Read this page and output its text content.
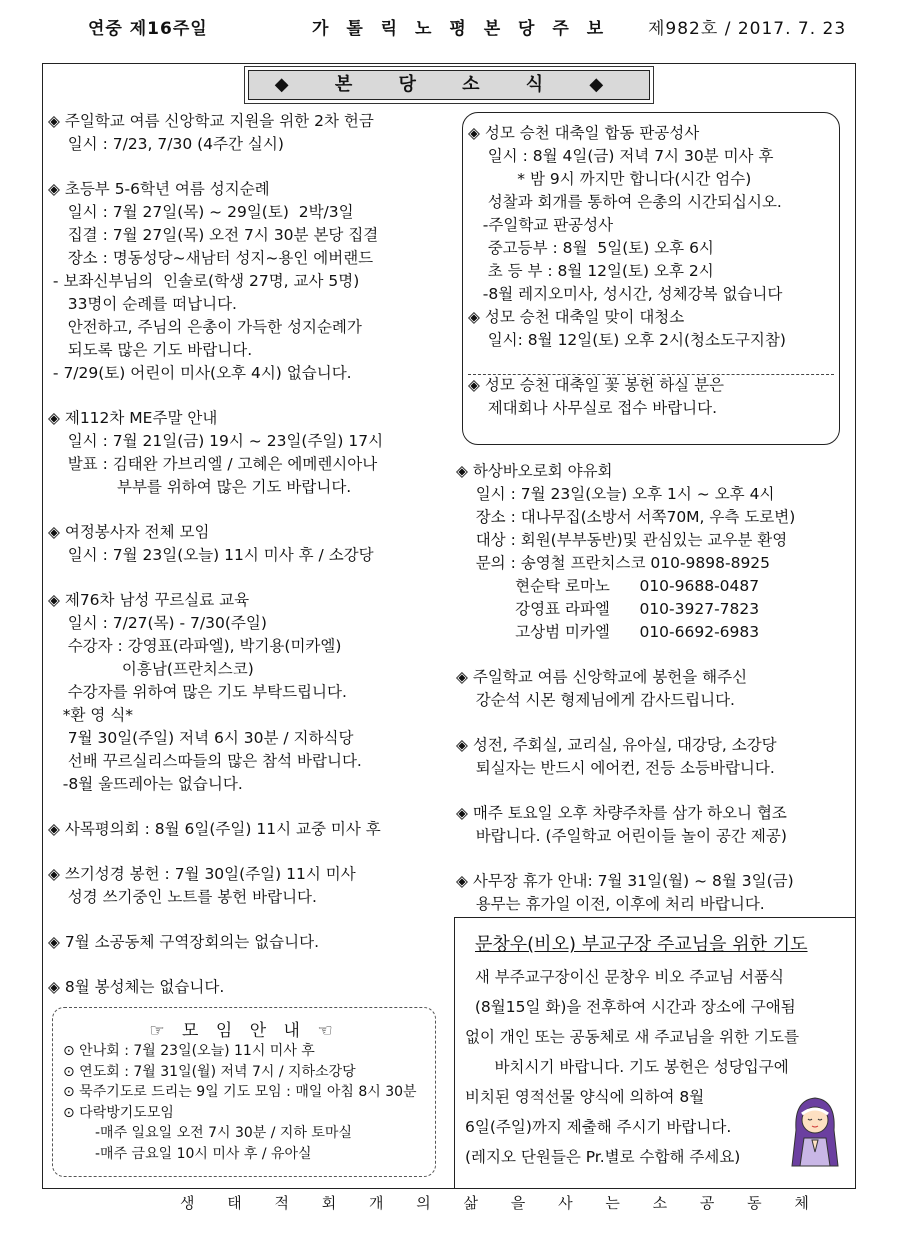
연중 제16주일	가 톨 릭 노 평 본 당 주 보 제982호 / 2017. 7. 23
◆ 본 당 소 식 ◆
◈ 주일학교 여름 신앙학교 지원을 위한 2차 헌금
일시 : 7/23, 7/30 (4주간 실시)
◈ 초등부 5-6학년 여름 성지순례
일시 : 7월 27일(목) ~ 29일(토)  2박/3일
집결 : 7월 27일(목) 오전 7시 30분 본당 집결
장소 : 명동성당~새남터 성지~용인 에버랜드
- 보좌신부님의  인솔로(학생 27명, 교사 5명)
33명이 순례를 떠납니다.
안전하고, 주님의 은총이 가득한 성지순례가
되도록 많은 기도 바랍니다.
- 7/29(토) 어린이 미사(오후 4시) 없습니다.
◈ 제112차 ME주말 안내
일시 : 7월 21일(금) 19시 ~ 23일(주일) 17시
발표 : 김태완 가브리엘 / 고혜은 에메렌시아나
부부를 위하여 많은 기도 바랍니다.
◈ 여정봉사자 전체 모임
일시 : 7월 23일(오늘) 11시 미사 후 / 소강당
◈ 제76차 남성 꾸르실료 교육
일시 : 7/27(목) - 7/30(주일)
수강자 : 강영표(라파엘), 박기용(미카엘)
이흥남(프란치스코)
수강자를 위하여 많은 기도 부탁드립니다.
*환 영 식*
7월 30일(주일) 저녁 6시 30분 / 지하식당
선배 꾸르실리스따들의 많은 참석 바랍니다.
-8월 울뜨레아는 없습니다.
◈ 사목평의회 : 8월 6일(주일) 11시 교중 미사 후
◈ 쓰기성경 봉헌 : 7월 30일(주일) 11시 미사
성경 쓰기중인 노트를 봉헌 바랍니다.
◈ 7월 소공동체 구역장회의는 없습니다.
◈ 8월 봉성체는 없습니다.
◈ 성모 승천 대축일 합동 판공성사
일시 : 8월 4일(금) 저녁 7시 30분 미사 후
* 밤 9시 까지만 합니다(시간 엄수)
성찰과 회개를 통하여 은총의 시간되십시오.
-주일학교 판공성사
중고등부 : 8월  5일(토) 오후 6시
초 등 부 : 8월 12일(토) 오후 2시
-8월 레지오미사, 성시간, 성체강복 없습니다
◈ 성모 승천 대축일 맞이 대청소
일시: 8월 12일(토) 오후 2시(청소도구지참)
◈ 성모 승천 대축일 꽃 봉헌 하실 분은
제대회나 사무실로 접수 바랍니다.
◈ 하상바오로회 야유회
일시 : 7월 23일(오늘) 오후 1시 ~ 오후 4시
장소 : 대나무집(소방서 서쪽70M, 우측 도로변)
대상 : 회원(부부동반)및 관심있는 교우분 환영
문의 : 송영철 프란치스코 010-9898-8925
현순탁 로마노      010-9688-0487
강영표 라파엘      010-3927-7823
고상범 미카엘      010-6692-6983
◈ 주일학교 여름 신앙학교에 봉헌을 해주신
강순석 시몬 형제님에게 감사드립니다.
◈ 성전, 주회실, 교리실, 유아실, 대강당, 소강당
퇴실자는 반드시 에어컨, 전등 소등바랍니다.
◈ 매주 토요일 오후 차량주차를 삼가 하오니 협조
바랍니다. (주일학교 어린이들 놀이 공간 제공)
◈ 사무장 휴가 안내: 7월 31일(월) ~ 8월 3일(금)
용무는 휴가일 이전, 이후에 처리 바랍니다.
☞ 모 임 안 내 ☜
⊙ 안나회 : 7월 23일(오늘) 11시 미사 후
⊙ 연도회 : 7월 31일(월) 저녁 7시 / 지하소강당
⊙ 묵주기도로 드리는 9일 기도 모임 : 매일 아침 8시 30분
⊙ 다락방기도모임
-매주 일요일 오전 7시 30분 / 지하 토마실
-매주 금요일 10시 미사 후 / 유아실
문창우(비오) 부교구장 주교님을 위한 기도
새 부주교구장이신 문창우 비오 주교님 서품식
(8월15일 화)을 전후하여 시간과 장소에 구애됨
없이 개인 또는 공동체로 새 주교님을 위한 기도를
바치시기 바랍니다. 기도 봉헌은 성당입구에
비치된 영적선물 양식에 의하여 8월
6일(주일)까지 제출해 주시기 바랍니다.
(레지오 단원들은 Pr.별로 수합해 주세요)
생 태 적 회 개 의 삶 을 사 는 소 공 동 체
